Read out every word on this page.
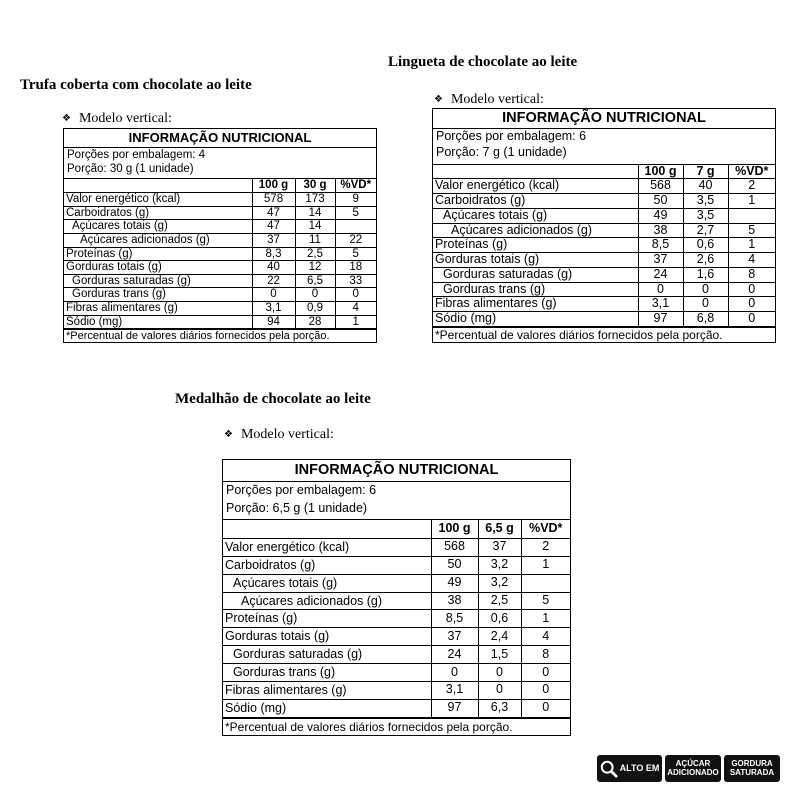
Trufa coberta com chocolate ao leite
❖ Modelo vertical:
INFORMAÇÃO NUTRICIONAL
Porções por embalagem: 4
Porção: 30 g (1 unidade)
	100 g	30 g	%VD*
Valor energético (kcal)	578	173	9
Carboidratos (g)	47	14	5
Açúcares totais (g)	47	14	
Açúcares adicionados (g)	37	11	22
Proteínas (g)	8,3	2,5	5
Gorduras totais (g)	40	12	18
Gorduras saturadas (g)	22	6,5	33
Gorduras trans (g)	0	0	0
Fibras alimentares (g)	3,1	0,9	4
Sódio (mg)	94	28	1
*Percentual de valores diários fornecidos pela porção.
Lingueta de chocolate ao leite
❖ Modelo vertical:
INFORMAÇÃO NUTRICIONAL
Porções por embalagem: 6
Porção: 7 g (1 unidade)
	100 g	7 g	%VD*
Valor energético (kcal)	568	40	2
Carboidratos (g)	50	3,5	1
Açúcares totais (g)	49	3,5	
Açúcares adicionados (g)	38	2,7	5
Proteínas (g)	8,5	0,6	1
Gorduras totais (g)	37	2,6	4
Gorduras saturadas (g)	24	1,6	8
Gorduras trans (g)	0	0	0
Fibras alimentares (g)	3,1	0	0
Sódio (mg)	97	6,8	0
*Percentual de valores diários fornecidos pela porção.
Medalhão de chocolate ao leite
❖ Modelo vertical:
INFORMAÇÃO NUTRICIONAL
Porções por embalagem: 6
Porção: 6,5 g (1 unidade)
	100 g	6,5 g	%VD*
Valor energético (kcal)	568	37	2
Carboidratos (g)	50	3,2	1
Açúcares totais (g)	49	3,2	
Açúcares adicionados (g)	38	2,5	5
Proteínas (g)	8,5	0,6	1
Gorduras totais (g)	37	2,4	4
Gorduras saturadas (g)	24	1,5	8
Gorduras trans (g)	0	0	0
Fibras alimentares (g)	3,1	0	0
Sódio (mg)	97	6,3	0
*Percentual de valores diários fornecidos pela porção.
ALTO EM	AÇÚCAR
ADICIONADO
GORDURA
SATURADA
